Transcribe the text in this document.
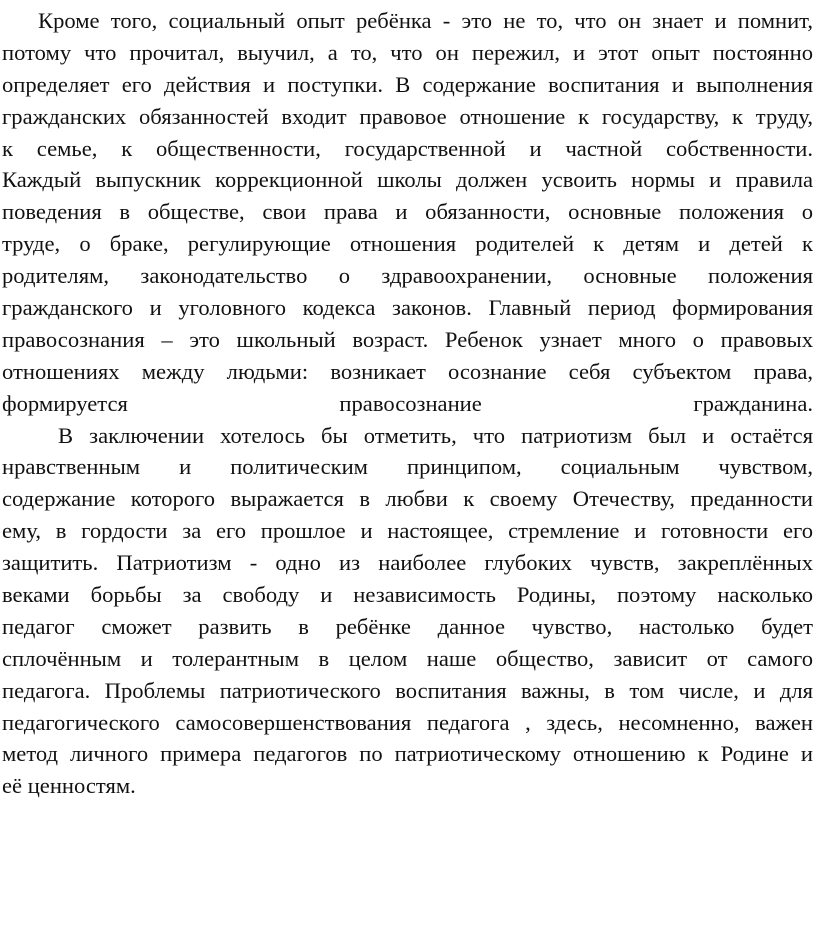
Кроме того, социальный опыт ребёнка - это не то, что он знает и помнит,
потому что прочитал, выучил, а то, что он пережил, и этот опыт постоянно
определяет его действия и поступки. В содержание воспитания и выполнения
гражданских обязанностей входит правовое отношение к государству, к труду,
к семье, к общественности, государственной и частной собственности.
Каждый выпускник коррекционной школы должен усвоить нормы и правила
поведения в обществе, свои права и обязанности, основные положения о
труде, о браке, регулирующие отношения родителей к детям и детей к
родителям, законодательство о здравоохранении, основные положения
гражданского и уголовного кодекса законов. Главный период формирования
правосознания – это школьный возраст. Ребенок узнает много о правовых
отношениях между людьми: возникает осознание себя субъектом права,
формируется правосознание гражданина.
В заключении хотелось бы отметить, что патриотизм был и остаётся
нравственным и политическим принципом, социальным чувством,
содержание которого выражается в любви к своему Отечеству, преданности
ему, в гордости за его прошлое и настоящее, стремление и готовности его
защитить. Патриотизм - одно из наиболее глубоких чувств, закреплённых
веками борьбы за свободу и независимость Родины, поэтому насколько
педагог сможет развить в ребёнке данное чувство, настолько будет
сплочённым и толерантным в целом наше общество, зависит от самого
педагога. Проблемы патриотического воспитания важны, в том числе, и для
педагогического самосовершенствования педагога , здесь, несомненно, важен
метод личного примера педагогов по патриотическому отношению к Родине и
её ценностям.
